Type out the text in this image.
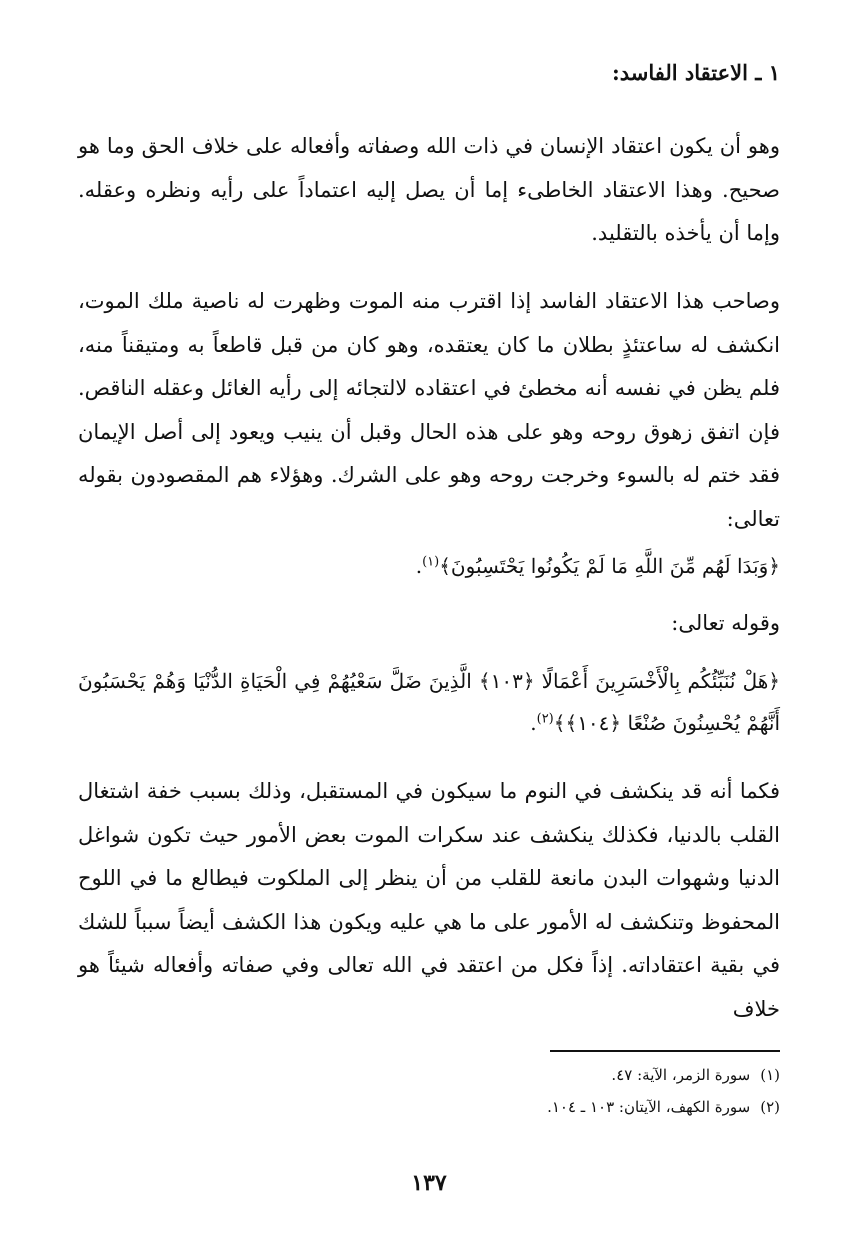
١ ـ الاعتقاد الفاسد:

وهو أن يكون اعتقاد الإنسان في ذات الله وصفاته وأفعاله على خلاف الحق وما هو صحيح. وهذا الاعتقاد الخاطىء إما أن يصل إليه اعتماداً على رأيه ونظره وعقله. وإما أن يأخذه بالتقليد.

وصاحب هذا الاعتقاد الفاسد إذا اقترب منه الموت وظهرت له ناصية ملك الموت، انكشف له ساعتئذٍ بطلان ما كان يعتقده، وهو كان من قبل قاطعاً به ومتيقناً منه، فلم يظن في نفسه أنه مخطئ في اعتقاده لالتجائه إلى رأيه الغائل وعقله الناقص. فإن اتفق زهوق روحه وهو على هذه الحال وقبل أن ينيب ويعود إلى أصل الإيمان فقد ختم له بالسوء وخرجت روحه وهو على الشرك. وهؤلاء هم المقصودون بقوله تعالى:

﴿وَبَدَا لَهُم مِّنَ اللَّهِ مَا لَمْ يَكُونُوا يَحْتَسِبُونَ﴾$^{(١)}$.

وقوله تعالى:

﴿هَلْ نُنَبِّئُكُم بِالْأَخْسَرِينَ أَعْمَالًا ﴿١٠٣﴾ الَّذِينَ ضَلَّ سَعْيُهُمْ فِي الْحَيَاةِ الدُّنْيَا وَهُمْ يَحْسَبُونَ أَنَّهُمْ يُحْسِنُونَ صُنْعًا ﴿١٠٤﴾﴾$^{(٢)}$.

فكما أنه قد ينكشف في النوم ما سيكون في المستقبل، وذلك بسبب خفة اشتغال القلب بالدنيا، فكذلك ينكشف عند سكرات الموت بعض الأمور حيث تكون شواغل الدنيا وشهوات البدن مانعة للقلب من أن ينظر إلى الملكوت فيطالع ما في اللوح المحفوظ وتنكشف له الأمور على ما هي عليه ويكون هذا الكشف أيضاً سبباً للشك في بقية اعتقاداته. إذاً فكل من اعتقد في الله تعالى وفي صفاته وأفعاله شيئاً هو خلاف

(١)سورة الزمر، الآية: ٤٧.
(٢)سورة الكهف، الآيتان: ١٠٣ ـ ١٠٤.
١٣٧
